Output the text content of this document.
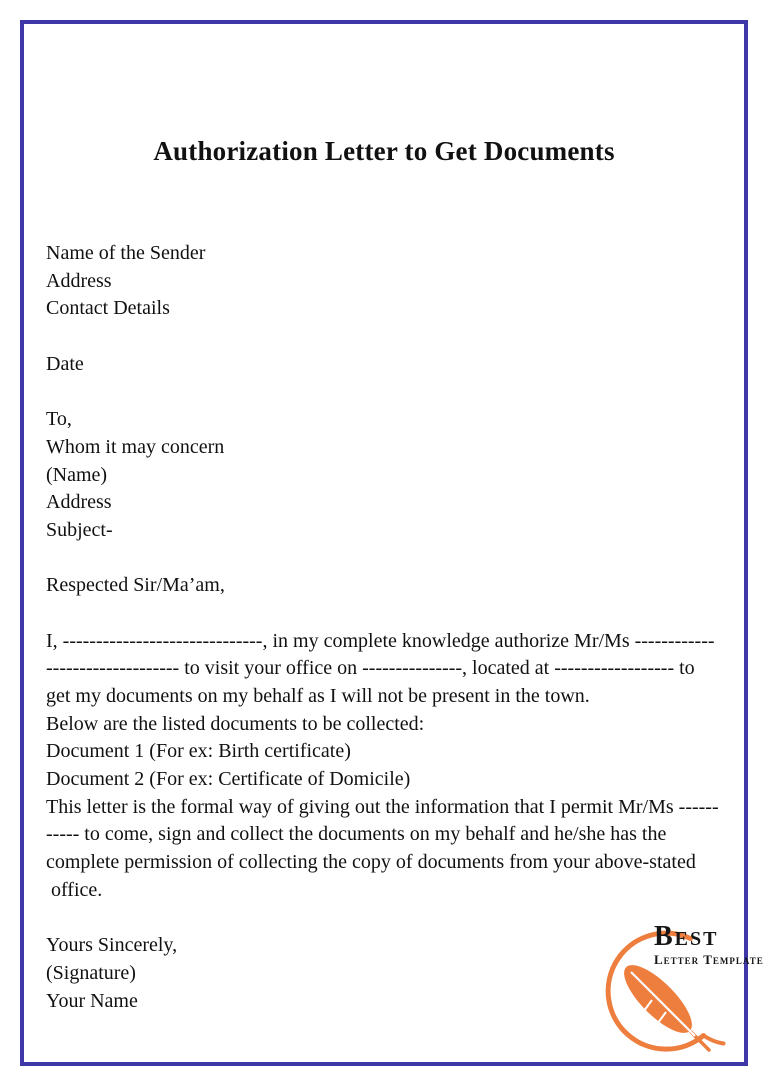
Authorization Letter to Get Documents
Name of the Sender
Address
Contact Details
Date
To,
Whom it may concern
(Name)
Address
Subject-
Respected Sir/Ma’am,
I, ------------------------------, in my complete knowledge authorize Mr/Ms ------------
-------------------- to visit your office on ---------------, located at ------------------ to
get my documents on my behalf as I will not be present in the town.
Below are the listed documents to be collected:
Document 1 (For ex: Birth certificate)
Document 2 (For ex: Certificate of Domicile)
This letter is the formal way of giving out the information that I permit Mr/Ms ------
----- to come, sign and collect the documents on my behalf and he/she has the
complete permission of collecting the copy of documents from your above-stated
office.
Yours Sincerely,
(Signature)
Your Name
Best
Letter Template
